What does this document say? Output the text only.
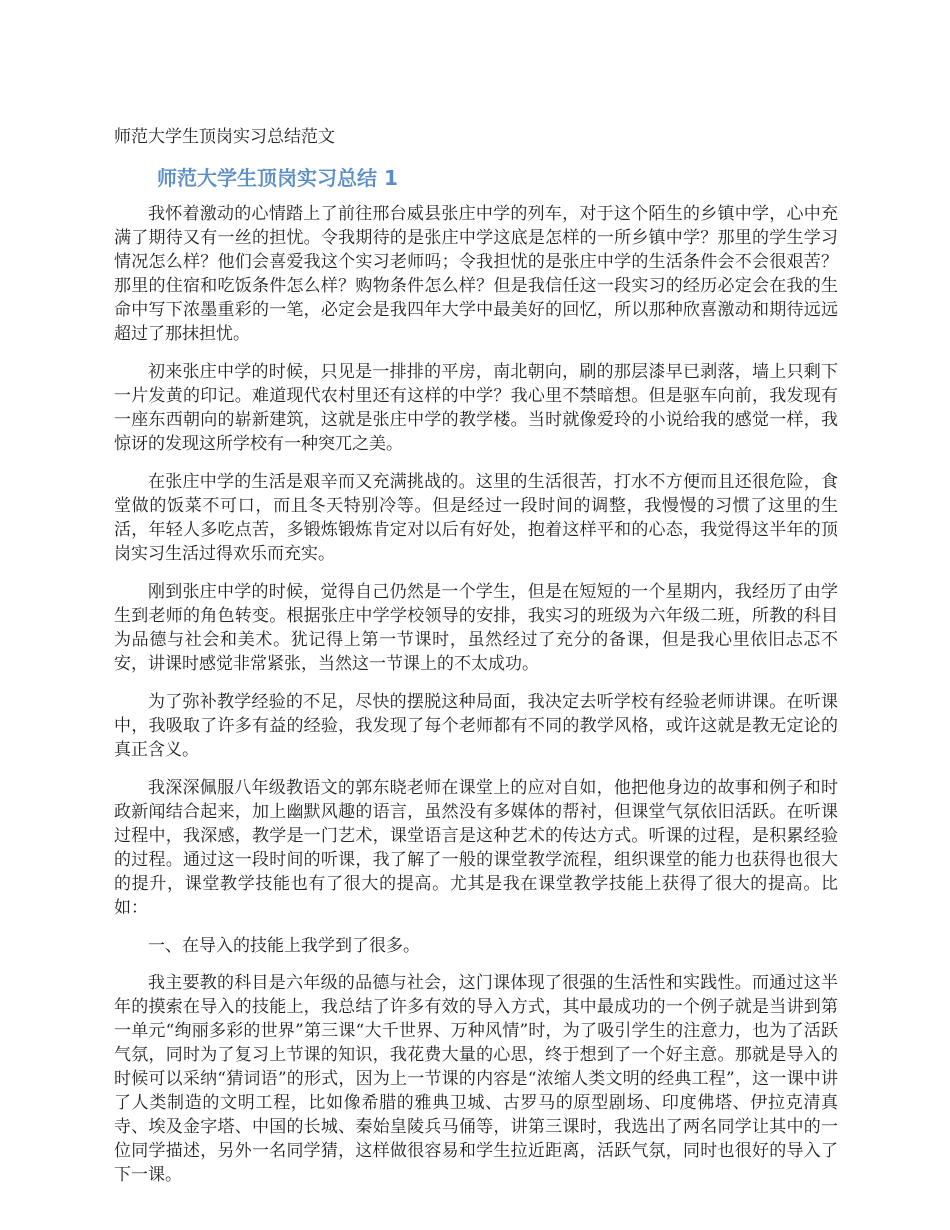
师范大学生顶岗实习总结范文
师范大学生顶岗实习总结 1

我怀着激动的心情踏上了前往邢台威县张庄中学的列车，对于这个陌生的乡镇中学，心中充满了期待又有一丝的担忧。令我期待的是张庄中学这底是怎样的一所乡镇中学？那里的学生学习情况怎么样？他们会喜爱我这个实习老师吗；令我担忧的是张庄中学的生活条件会不会很艰苦？那里的住宿和吃饭条件怎么样？购物条件怎么样？但是我信任这一段实习的经历必定会在我的生命中写下浓墨重彩的一笔，必定会是我四年大学中最美好的回忆，所以那种欣喜激动和期待远远超过了那抹担忧。

初来张庄中学的时候，只见是一排排的平房，南北朝向，刷的那层漆早已剥落，墙上只剩下一片发黄的印记。难道现代农村里还有这样的中学？我心里不禁暗想。但是驱车向前，我发现有一座东西朝向的崭新建筑，这就是张庄中学的教学楼。当时就像爱玲的小说给我的感觉一样，我惊讶的发现这所学校有一种突兀之美。

在张庄中学的生活是艰辛而又充满挑战的。这里的生活很苦，打水不方便而且还很危险，食堂做的饭菜不可口，而且冬天特别冷等。但是经过一段时间的调整，我慢慢的习惯了这里的生活，年轻人多吃点苦，多锻炼锻炼肯定对以后有好处，抱着这样平和的心态，我觉得这半年的顶岗实习生活过得欢乐而充实。

刚到张庄中学的时候，觉得自己仍然是一个学生，但是在短短的一个星期内，我经历了由学生到老师的角色转变。根据张庄中学学校领导的安排，我实习的班级为六年级二班，所教的科目为品德与社会和美术。犹记得上第一节课时，虽然经过了充分的备课，但是我心里依旧忐忑不安，讲课时感觉非常紧张，当然这一节课上的不太成功。

为了弥补教学经验的不足，尽快的摆脱这种局面，我决定去听学校有经验老师讲课。在听课中，我吸取了许多有益的经验，我发现了每个老师都有不同的教学风格，或许这就是教无定论的真正含义。

我深深佩服八年级教语文的郭东晓老师在课堂上的应对自如，他把他身边的故事和例子和时政新闻结合起来，加上幽默风趣的语言，虽然没有多媒体的帮衬，但课堂气氛依旧活跃。在听课过程中，我深感，教学是一门艺术，课堂语言是这种艺术的传达方式。听课的过程，是积累经验的过程。通过这一段时间的听课，我了解了一般的课堂教学流程，组织课堂的能力也获得也很大的提升，课堂教学技能也有了很大的提高。尤其是我在课堂教学技能上获得了很大的提高。比如：

一、在导入的技能上我学到了很多。

我主要教的科目是六年级的品德与社会，这门课体现了很强的生活性和实践性。而通过这半年的摸索在导入的技能上，我总结了许多有效的导入方式，其中最成功的一个例子就是当讲到第一单元“绚丽多彩的世界”第三课“大千世界、万种风情”时，为了吸引学生的注意力，也为了活跃气氛，同时为了复习上节课的知识，我花费大量的心思，终于想到了一个好主意。那就是导入的时候可以采纳“猜词语”的形式，因为上一节课的内容是“浓缩人类文明的经典工程”，这一课中讲了人类制造的文明工程，比如像希腊的雅典卫城、古罗马的原型剧场、印度佛塔、伊拉克清真寺、埃及金字塔、中国的长城、秦始皇陵兵马俑等，讲第三课时，我选出了两名同学让其中的一位同学描述，另外一名同学猜，这样做很容易和学生拉近距离，活跃气氛，同时也很好的导入了下一课。
